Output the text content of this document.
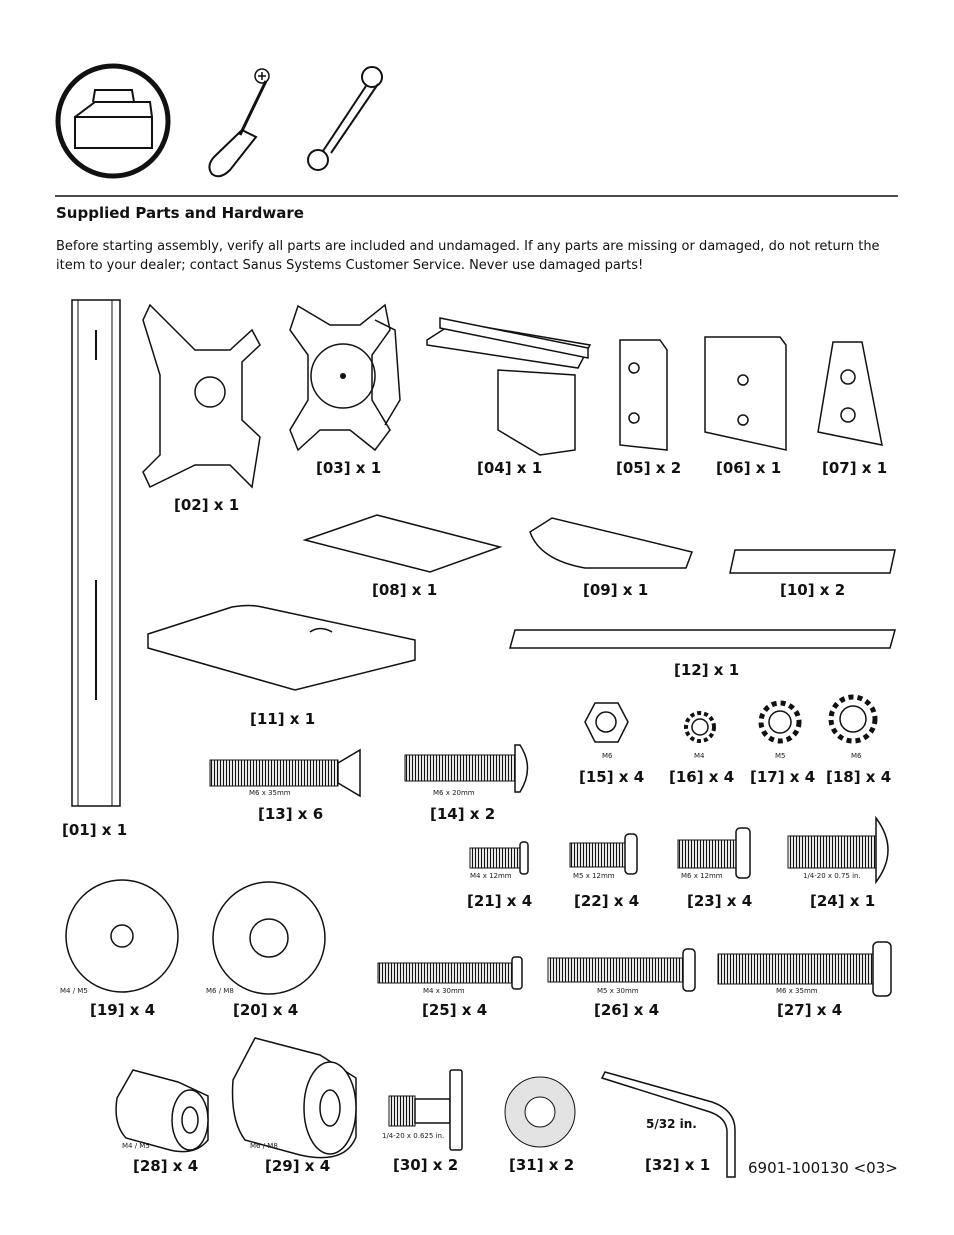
Supplied Parts and Hardware
Before starting assembly, verify all parts are included and undamaged. If any parts are missing or damaged, do not return the item to your dealer; contact Sanus Systems Customer Service. Never use damaged parts!
[01] x 1
[02] x 1
[03] x 1	[04] x 1	[05] x 2 [06] x 1	[07] x 1
[08] x 1	[09] x 1	[10] x 2
[11] x 1
[12] x 1
[13] x 6	[14] x 2
[15] x 4 [16] x 4 [17] x 4 [18] x 4
[19] x 4	[20] x 4
[21] x 4	[22] x 4	[23] x 4	[24] x 1
[25] x 4	[26] x 4	[27] x 4
[28] x 4	[29] x 4	[30] x 2	[31] x 2	[32] x 1
M6 x 35mm	M6 x 20mm
M6	M4	M5	M6
M4 / M5	M6 / M8
M4 x 12mm	M5 x 12mm	M6 x 12mm	1/4-20 x 0.75 in.
M4 x 30mm	M5 x 30mm	M6 x 35mm
M4 / M5	M6 / M8
1/4-20 x 0.625 in.
5/32 in.
6901-100130 <03>
